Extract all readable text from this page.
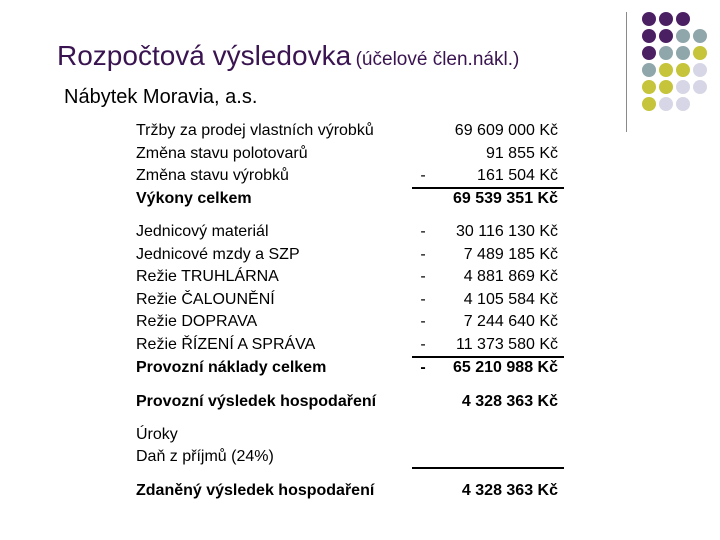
Rozpočtová výsledovka (účelové člen.nákl.)
Nábytek Moravia, a.s.
Tržby za prodej vlastních výrobků	69 609 000 Kč
Změna stavu polotovarů	91 855 Kč
Změna stavu výrobků	-	161 504 Kč
Výkony celkem	69 539 351 Kč
Jednicový materiál	-	30 116 130 Kč
Jednicové mzdy a SZP	-	7 489 185 Kč
Režie TRUHLÁRNA	-	4 881 869 Kč
Režie ČALOUNĚNÍ	-	4 105 584 Kč
Režie DOPRAVA	-	7 244 640 Kč
Režie ŘÍZENÍ A SPRÁVA	-	11 373 580 Kč
Provozní náklady celkem	-	65 210 988 Kč
Provozní výsledek hospodaření	4 328 363 Kč
Úroky
Daň z příjmů (24%)
Zdaněný výsledek hospodaření	4 328 363 Kč
